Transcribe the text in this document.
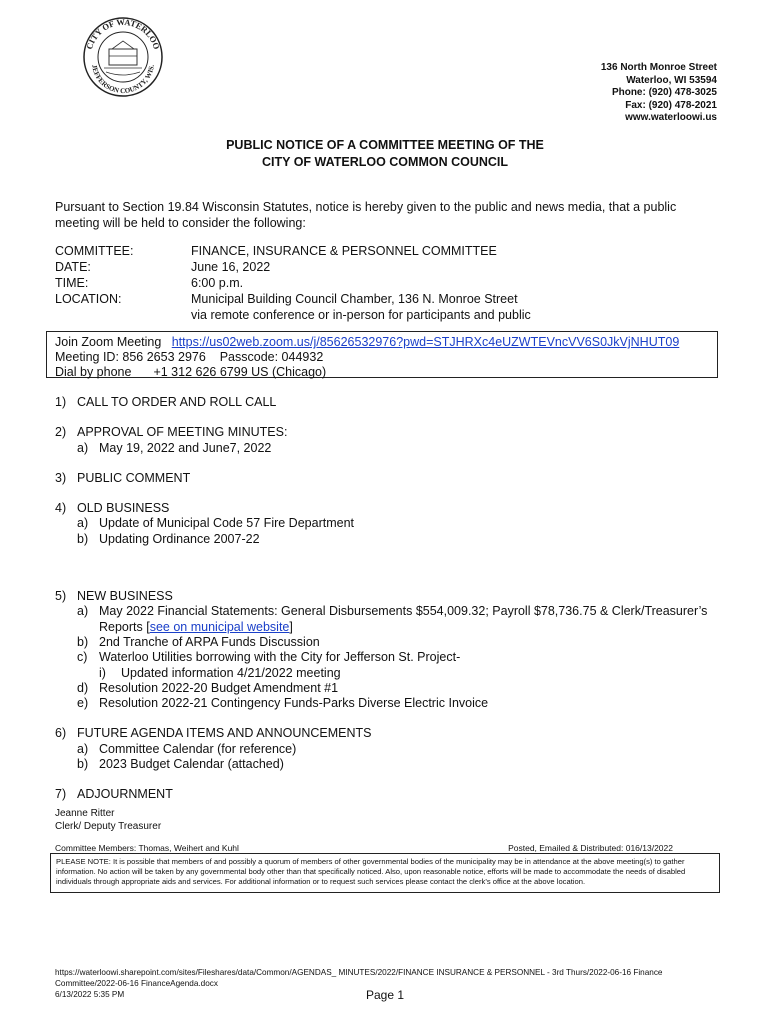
CITY OF WATERLOO
JEFFERSON COUNTY, WIS.	136 North Monroe Street
Waterloo, WI 53594
Phone: (920) 478-3025
Fax: (920) 478-2021
www.waterloowi.us
PUBLIC NOTICE OF A COMMITTEE MEETING OF THE
CITY OF WATERLOO COMMON COUNCIL
Pursuant to Section 19.84 Wisconsin Statutes, notice is hereby given to the public and news media, that a public meeting will be held to consider the following:
COMMITTEE:	FINANCE, INSURANCE & PERSONNEL COMMITTEE
DATE:	June 16, 2022
TIME:	6:00 p.m.
LOCATION:	Municipal Building Council Chamber, 136 N. Monroe Street
via remote conference or in-person for participants and public
Join Zoom Meeting https://us02web.zoom.us/j/85626532976?pwd=STJHRXc4eUZWTEVncVV6S0JkVjNHUT09
Meeting ID: 856 2653 2976 Passcode: 044932
Dial by phone +1 312 626 6799 US (Chicago)
1) CALL TO ORDER AND ROLL CALL
2) APPROVAL OF MEETING MINUTES:
a) May 19, 2022 and June7, 2022
3) PUBLIC COMMENT
4) OLD BUSINESS
a) Update of Municipal Code 57 Fire Department
b) Updating Ordinance 2007-22
5) NEW BUSINESS
a) May 2022 Financial Statements: General Disbursements $554,009.32; Payroll $78,736.75 & Clerk/Treasurer’s Reports [see on municipal website]
b) 2nd Tranche of ARPA Funds Discussion
c) Waterloo Utilities borrowing with the City for Jefferson St. Project-
i) Updated information 4/21/2022 meeting
d) Resolution 2022-20 Budget Amendment #1
e) Resolution 2022-21 Contingency Funds-Parks Diverse Electric Invoice
6) FUTURE AGENDA ITEMS AND ANNOUNCEMENTS
a) Committee Calendar (for reference)
b) 2023 Budget Calendar (attached)
7) ADJOURNMENT
Jeanne Ritter
Clerk/ Deputy Treasurer
Committee Members: Thomas, Weihert and Kuhl	Posted, Emailed & Distributed: 016/13/2022
PLEASE NOTE: It is possible that members of and possibly a quorum of members of other governmental bodies of the municipality may be in attendance at the above meeting(s) to gather information. No action will be taken by any governmental body other than that specifically noticed. Also, upon reasonable notice, efforts will be made to accommodate the needs of disabled individuals through appropriate aids and services. For additional information or to request such services please contact the clerk’s office at the above location.
https://waterloowi.sharepoint.com/sites/Fileshares/data/Common/AGENDAS_ MINUTES/2022/FINANCE INSURANCE & PERSONNEL - 3rd Thurs/2022-06-16 Finance
Committee/2022-06-16 FinanceAgenda.docx
6/13/2022 5:35 PM	Page 1
